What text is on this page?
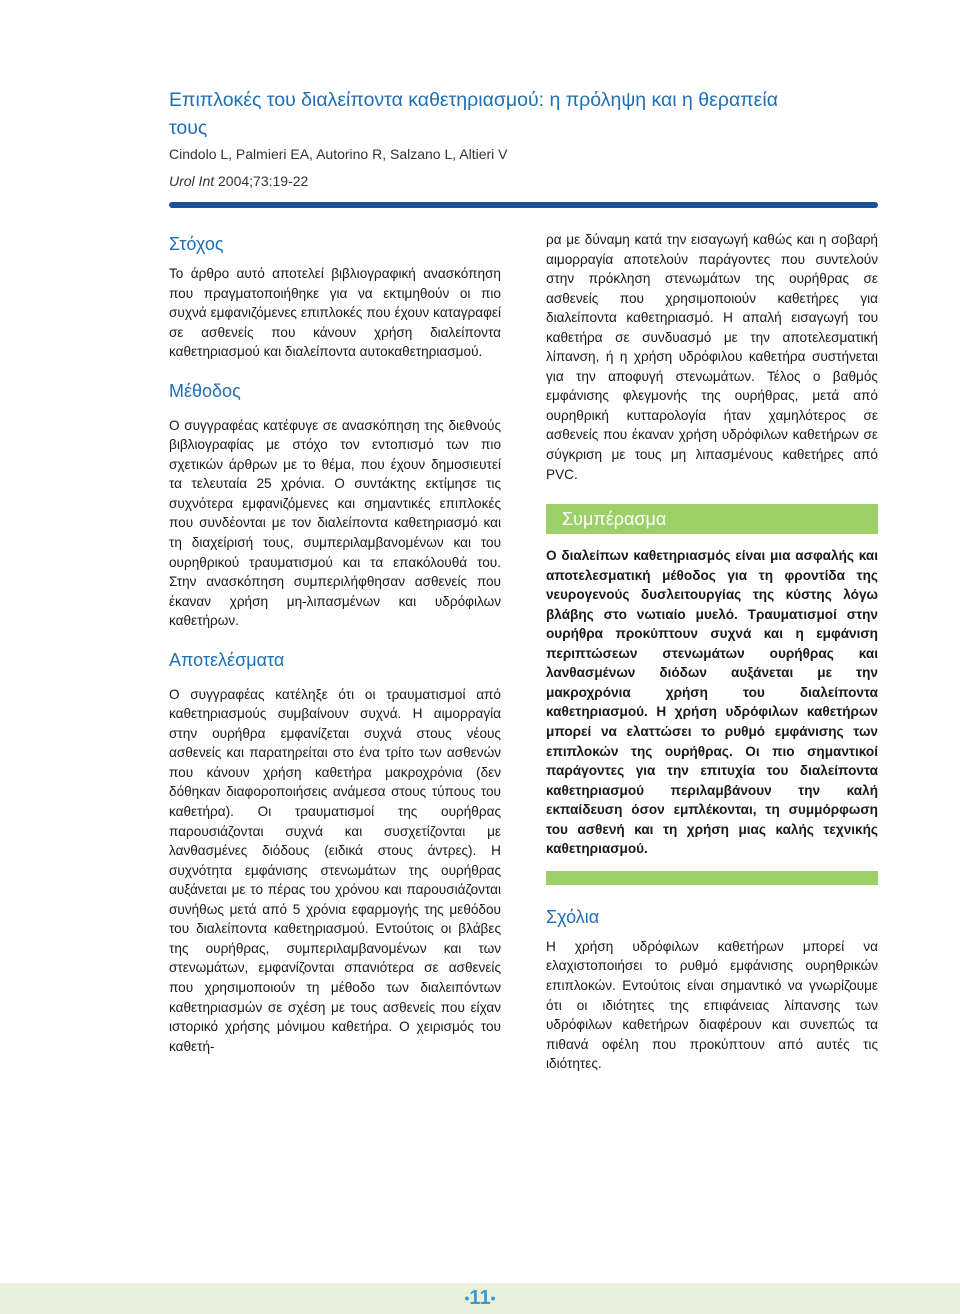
Επιπλοκές του διαλείποντα καθετηριασμού: η πρόληψη και η θεραπεία τους
Cindolo L, Palmieri EA, Autorino R, Salzano L, Altieri V
Urol Int 2004;73:19-22
Στόχος

Το άρθρο αυτό αποτελεί βιβλιογραφική ανασκόπηση που πραγματοποιήθηκε για να εκτιμηθούν οι πιο συχνά εμφανιζόμενες επιπλοκές που έχουν καταγραφεί σε ασθενείς που κάνουν χρήση διαλείποντα καθετηριασμού και διαλείποντα αυτοκαθετηριασμού.

Μέθοδος

Ο συγγραφέας κατέφυγε σε ανασκόπηση της διεθνούς βιβλιογραφίας με στόχο τον εντοπισμό των πιο σχετικών άρθρων με το θέμα, που έχουν δημοσιευτεί τα τελευταία 25 χρόνια. Ο συντάκτης εκτίμησε τις συχνότερα εμφανιζόμενες και σημαντικές επιπλοκές που συνδέονται με τον διαλείποντα καθετηριασμό και τη διαχείρισή τους, συμπεριλαμβανομένων και του ουρηθρικού τραυματισμού και τα επακόλουθά του. Στην ανασκόπηση συμπεριλήφθησαν ασθενείς που έκαναν χρήση μη-λιπασμένων και υδρόφιλων καθετήρων.

Αποτελέσματα

Ο συγγραφέας κατέληξε ότι οι τραυματισμοί από καθετηριασμούς συμβαίνουν συχνά. Η αιμορραγία στην ουρήθρα εμφανίζεται συχνά στους νέους ασθενείς και παρατηρείται στο ένα τρίτο των ασθενών που κάνουν χρήση καθετήρα μακροχρόνια (δεν δόθηκαν διαφοροποιήσεις ανάμεσα στους τύπους του καθετήρα). Οι τραυματισμοί της ουρήθρας παρουσιάζονται συχνά και συσχετίζονται με λανθασμένες διόδους (ειδικά στους άντρες). Η συχνότητα εμφάνισης στενωμάτων της ουρήθρας αυξάνεται με το πέρας του χρόνου και παρουσιάζονται συνήθως μετά από 5 χρόνια εφαρμογής της μεθόδου του διαλείποντα καθετηριασμού. Εντούτοις οι βλάβες της ουρήθρας, συμπεριλαμβανομένων και των στενωμάτων, εμφανίζονται σπανιότερα σε ασθενείς που χρησιμοποιούν τη μέθοδο των διαλειπόντων καθετηριασμών σε σχέση με τους ασθενείς που είχαν ιστορικό χρήσης μόνιμου καθετήρα. Ο χειρισμός του καθετή-

ρα με δύναμη κατά την εισαγωγή καθώς και η σοβαρή αιμορραγία αποτελούν παράγοντες που συντελούν στην πρόκληση στενωμάτων της ουρήθρας σε ασθενείς που χρησιμοποιούν καθετήρες για διαλείποντα καθετηριασμό. Η απαλή εισαγωγή του καθετήρα σε συνδυασμό με την αποτελεσματική λίπανση, ή η χρήση υδρόφιλου καθετήρα συστήνεται για την αποφυγή στενωμάτων. Τέλος ο βαθμός εμφάνισης φλεγμονής της ουρήθρας, μετά από ουρηθρική κυτταρολογία ήταν χαμηλότερος σε ασθενείς που έκαναν χρήση υδρόφιλων καθετήρων σε σύγκριση με τους μη λιπασμένους καθετήρες από PVC.

Συμπέρασμα

Ο διαλείπων καθετηριασμός είναι μια ασφαλής και αποτελεσματική μέθοδος για τη φροντίδα της νευρογενούς δυσλειτουργίας της κύστης λόγω βλάβης στο νωτιαίο μυελό. Τραυματισμοί στην ουρήθρα προκύπτουν συχνά και η εμφάνιση περιπτώσεων στενωμάτων ουρήθρας και λανθασμένων διόδων αυξάνεται με την μακροχρόνια χρήση του διαλείποντα καθετηριασμού. Η χρήση υδρόφιλων καθετήρων μπορεί να ελαττώσει το ρυθμό εμφάνισης των επιπλοκών της ουρήθρας. Οι πιο σημαντικοί παράγοντες για την επιτυχία του διαλείποντα καθετηριασμού περιλαμβάνουν την καλή εκπαίδευση όσον εμπλέκονται, τη συμμόρφωση του ασθενή και τη χρήση μιας καλής τεχνικής καθετηριασμού.

Σχόλια

Η χρήση υδρόφιλων καθετήρων μπορεί να ελαχιστοποιήσει το ρυθμό εμφάνισης ουρηθρικών επιπλοκών. Εντούτοις είναι σημαντικό να γνωρίζουμε ότι οι ιδιότητες της επιφάνειας λίπανσης των υδρόφιλων καθετήρων διαφέρουν και συνεπώς τα πιθανά οφέλη που προκύπτουν από αυτές τις ιδιότητες.

•11•
